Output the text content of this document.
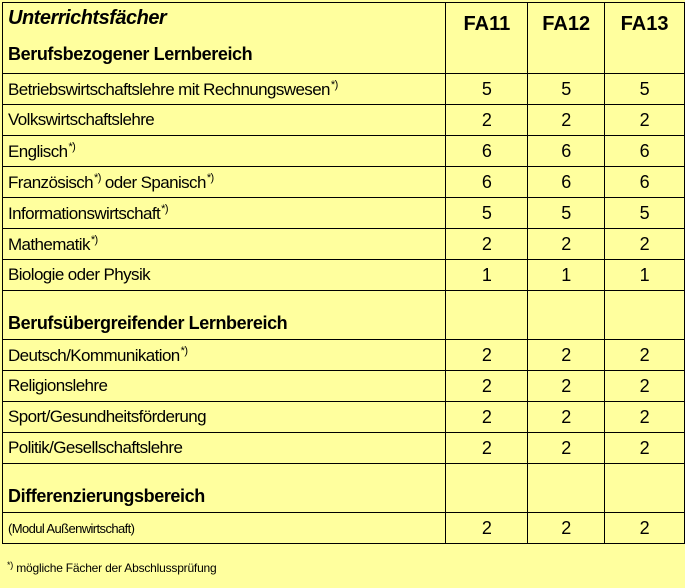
Unterrichtsfächer
Berufsbezogener Lernbereich	FA11	FA12	FA13
Betriebswirtschaftslehre mit Rechnungswesen*)	5	5	5
Volkswirtschaftslehre	2	2	2
Englisch*)	6	6	6
Französisch*) oder Spanisch*)	6	6	6
Informationswirtschaft*)	5	5	5
Mathematik*)	2	2	2
Biologie oder Physik	1	1	1

Berufsübergreifender Lernbereich			

Deutsch/Kommunikation*)	2	2	2
Religionslehre	2	2	2
Sport/Gesundheitsförderung	2	2	2
Politik/Gesellschaftslehre	2	2	2

Differenzierungsbereich			

(Modul Außenwirtschaft)	2	2	2
*) mögliche Fächer der Abschlussprüfung
